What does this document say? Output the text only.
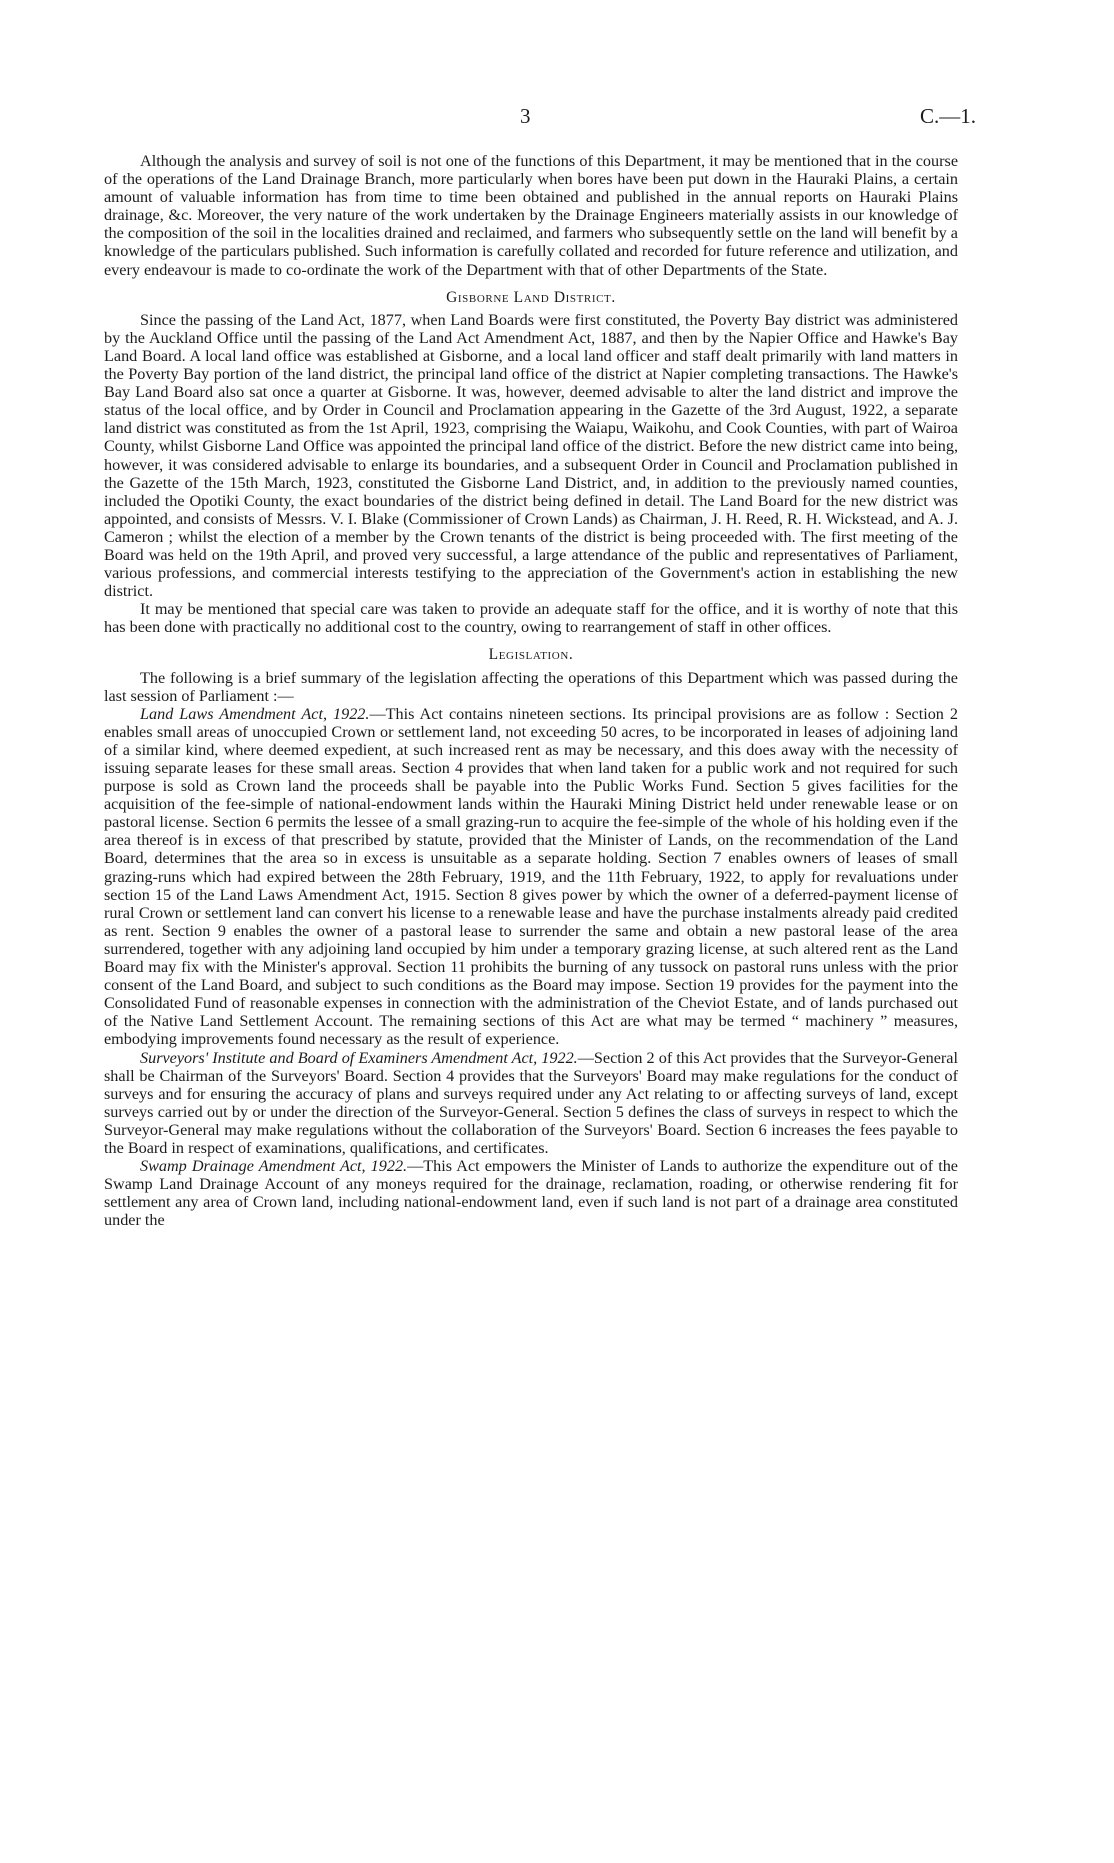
3	C.—1.

Although the analysis and survey of soil is not one of the functions of this Department, it may be mentioned that in the course of the operations of the Land Drainage Branch, more particularly when bores have been put down in the Hauraki Plains, a certain amount of valuable information has from time to time been obtained and published in the annual reports on Hauraki Plains drainage, &c. Moreover, the very nature of the work undertaken by the Drainage Engineers materially assists in our knowledge of the composition of the soil in the localities drained and reclaimed, and farmers who subsequently settle on the land will benefit by a knowledge of the particulars published. Such information is carefully collated and recorded for future reference and utilization, and every endeavour is made to co-ordinate the work of the Department with that of other Departments of the State.

Gisborne Land District.

Since the passing of the Land Act, 1877, when Land Boards were first constituted, the Poverty Bay district was administered by the Auckland Office until the passing of the Land Act Amendment Act, 1887, and then by the Napier Office and Hawke's Bay Land Board. A local land office was established at Gisborne, and a local land officer and staff dealt primarily with land matters in the Poverty Bay portion of the land district, the principal land office of the district at Napier completing transactions. The Hawke's Bay Land Board also sat once a quarter at Gisborne. It was, however, deemed advisable to alter the land district and improve the status of the local office, and by Order in Council and Proclamation appearing in the Gazette of the 3rd August, 1922, a separate land district was constituted as from the 1st April, 1923, comprising the Waiapu, Waikohu, and Cook Counties, with part of Wairoa County, whilst Gisborne Land Office was appointed the principal land office of the district. Before the new district came into being, however, it was considered advisable to enlarge its boundaries, and a subsequent Order in Council and Proclamation published in the Gazette of the 15th March, 1923, constituted the Gisborne Land District, and, in addition to the previously named counties, included the Opotiki County, the exact boundaries of the district being defined in detail. The Land Board for the new district was appointed, and consists of Messrs. V. I. Blake (Commissioner of Crown Lands) as Chairman, J. H. Reed, R. H. Wickstead, and A. J. Cameron ; whilst the election of a member by the Crown tenants of the district is being proceeded with. The first meeting of the Board was held on the 19th April, and proved very successful, a large attendance of the public and representatives of Parliament, various professions, and commercial interests testifying to the appreciation of the Government's action in establishing the new district.

It may be mentioned that special care was taken to provide an adequate staff for the office, and it is worthy of note that this has been done with practically no additional cost to the country, owing to rearrangement of staff in other offices.

Legislation.

The following is a brief summary of the legislation affecting the operations of this Department which was passed during the last session of Parliament :—

Land Laws Amendment Act, 1922.—This Act contains nineteen sections. Its principal provisions are as follow : Section 2 enables small areas of unoccupied Crown or settlement land, not exceeding 50 acres, to be incorporated in leases of adjoining land of a similar kind, where deemed expedient, at such increased rent as may be necessary, and this does away with the necessity of issuing separate leases for these small areas. Section 4 provides that when land taken for a public work and not required for such purpose is sold as Crown land the proceeds shall be payable into the Public Works Fund. Section 5 gives facilities for the acquisition of the fee-simple of national-endowment lands within the Hauraki Mining District held under renewable lease or on pastoral license. Section 6 permits the lessee of a small grazing-run to acquire the fee-simple of the whole of his holding even if the area thereof is in excess of that prescribed by statute, provided that the Minister of Lands, on the recommendation of the Land Board, determines that the area so in excess is unsuitable as a separate holding. Section 7 enables owners of leases of small grazing-runs which had expired between the 28th February, 1919, and the 11th February, 1922, to apply for revaluations under section 15 of the Land Laws Amendment Act, 1915. Section 8 gives power by which the owner of a deferred-payment license of rural Crown or settlement land can convert his license to a renewable lease and have the purchase instalments already paid credited as rent. Section 9 enables the owner of a pastoral lease to surrender the same and obtain a new pastoral lease of the area surrendered, together with any adjoining land occupied by him under a temporary grazing license, at such altered rent as the Land Board may fix with the Minister's approval. Section 11 prohibits the burning of any tussock on pastoral runs unless with the prior consent of the Land Board, and subject to such conditions as the Board may impose. Section 19 provides for the payment into the Consolidated Fund of reasonable expenses in connection with the administration of the Cheviot Estate, and of lands purchased out of the Native Land Settlement Account. The remaining sections of this Act are what may be termed “ machinery ” measures, embodying improvements found necessary as the result of experience.

Surveyors' Institute and Board of Examiners Amendment Act, 1922.—Section 2 of this Act provides that the Surveyor-General shall be Chairman of the Surveyors' Board. Section 4 provides that the Surveyors' Board may make regulations for the conduct of surveys and for ensuring the accuracy of plans and surveys required under any Act relating to or affecting surveys of land, except surveys carried out by or under the direction of the Surveyor-General. Section 5 defines the class of surveys in respect to which the Surveyor-General may make regulations without the collaboration of the Surveyors' Board. Section 6 increases the fees payable to the Board in respect of examinations, qualifications, and certificates.

Swamp Drainage Amendment Act, 1922.—This Act empowers the Minister of Lands to authorize the expenditure out of the Swamp Land Drainage Account of any moneys required for the drainage, reclamation, roading, or otherwise rendering fit for settlement any area of Crown land, including national-endowment land, even if such land is not part of a drainage area constituted under the
